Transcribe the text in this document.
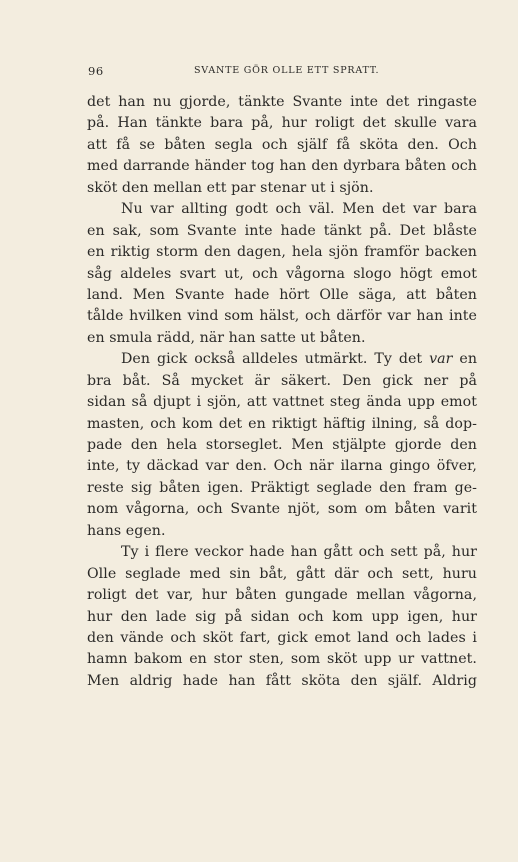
96	SVANTE GÖR OLLE ETT SPRATT.
det han nu gjorde, tänkte Svante inte det ringaste
på. Han tänkte bara på, hur roligt det skulle vara
att få se båten segla och själf få sköta den. Och
med darrande händer tog han den dyrbara båten och
sköt den mellan ett par stenar ut i sjön.
Nu var allting godt och väl. Men det var bara
en sak, som Svante inte hade tänkt på. Det blåste
en riktig storm den dagen, hela sjön framför backen
såg aldeles svart ut, och vågorna slogo högt emot
land. Men Svante hade hört Olle säga, att båten
tålde hvilken vind som hälst, och därför var han inte
en smula rädd, när han satte ut båten.
Den gick också alldeles utmärkt. Ty det var en
bra båt. Så mycket är säkert. Den gick ner på
sidan så djupt i sjön, att vattnet steg ända upp emot
masten, och kom det en riktigt häftig ilning, så dop-
pade den hela storseglet. Men stjälpte gjorde den
inte, ty däckad var den. Och när ilarna gingo öfver,
reste sig båten igen. Präktigt seglade den fram ge-
nom vågorna, och Svante njöt, som om båten varit
hans egen.
Ty i flere veckor hade han gått och sett på, hur
Olle seglade med sin båt, gått där och sett, huru
roligt det var, hur båten gungade mellan vågorna,
hur den lade sig på sidan och kom upp igen, hur
den vände och sköt fart, gick emot land och lades i
hamn bakom en stor sten, som sköt upp ur vattnet.
Men aldrig hade han fått sköta den själf. Aldrig
